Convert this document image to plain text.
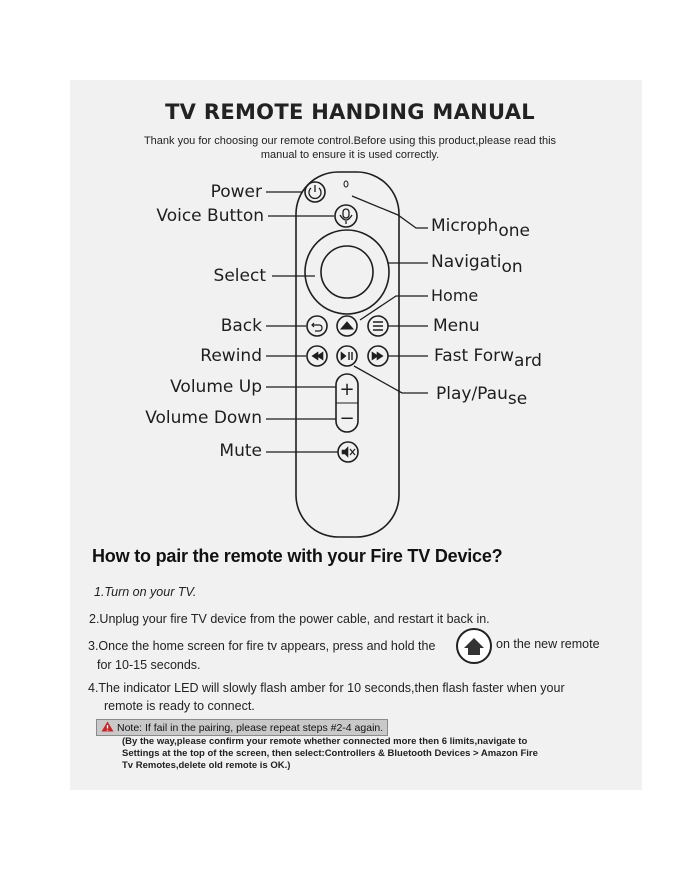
TV REMOTE HANDING MANUAL
Thank you for choosing our remote control.Before using this product,please read this
manual to ensure it is used correctly.
+
−
Power
Voice Button
Select
Back
Rewind
Volume Up
Volume Down
Mute
Microph$_{one}$
Navigati$_{on}$
Home
Menu
Fast Forw$_{ard}$
Play/Pau$_{se}$
How to pair the remote with your Fire TV Device?
1.Turn on your TV.
2.Unplug your fire TV device from the power cable, and restart it back in.
3.Once the home screen for fire tv appears, press and hold the	on the new remote
for 10-15 seconds.
4.The indicator LED will slowly flash amber for 10 seconds,then flash faster when your
remote is ready to connect.
Note: If fail in the pairing, please repeat steps #2-4 again.
(By the way,please confirm your remote whether connected more then 6 limits,navigate to
Settings at the top of the screen, then select:Controllers & Bluetooth Devices > Amazon Fire
Tv Remotes,delete old remote is OK.)
